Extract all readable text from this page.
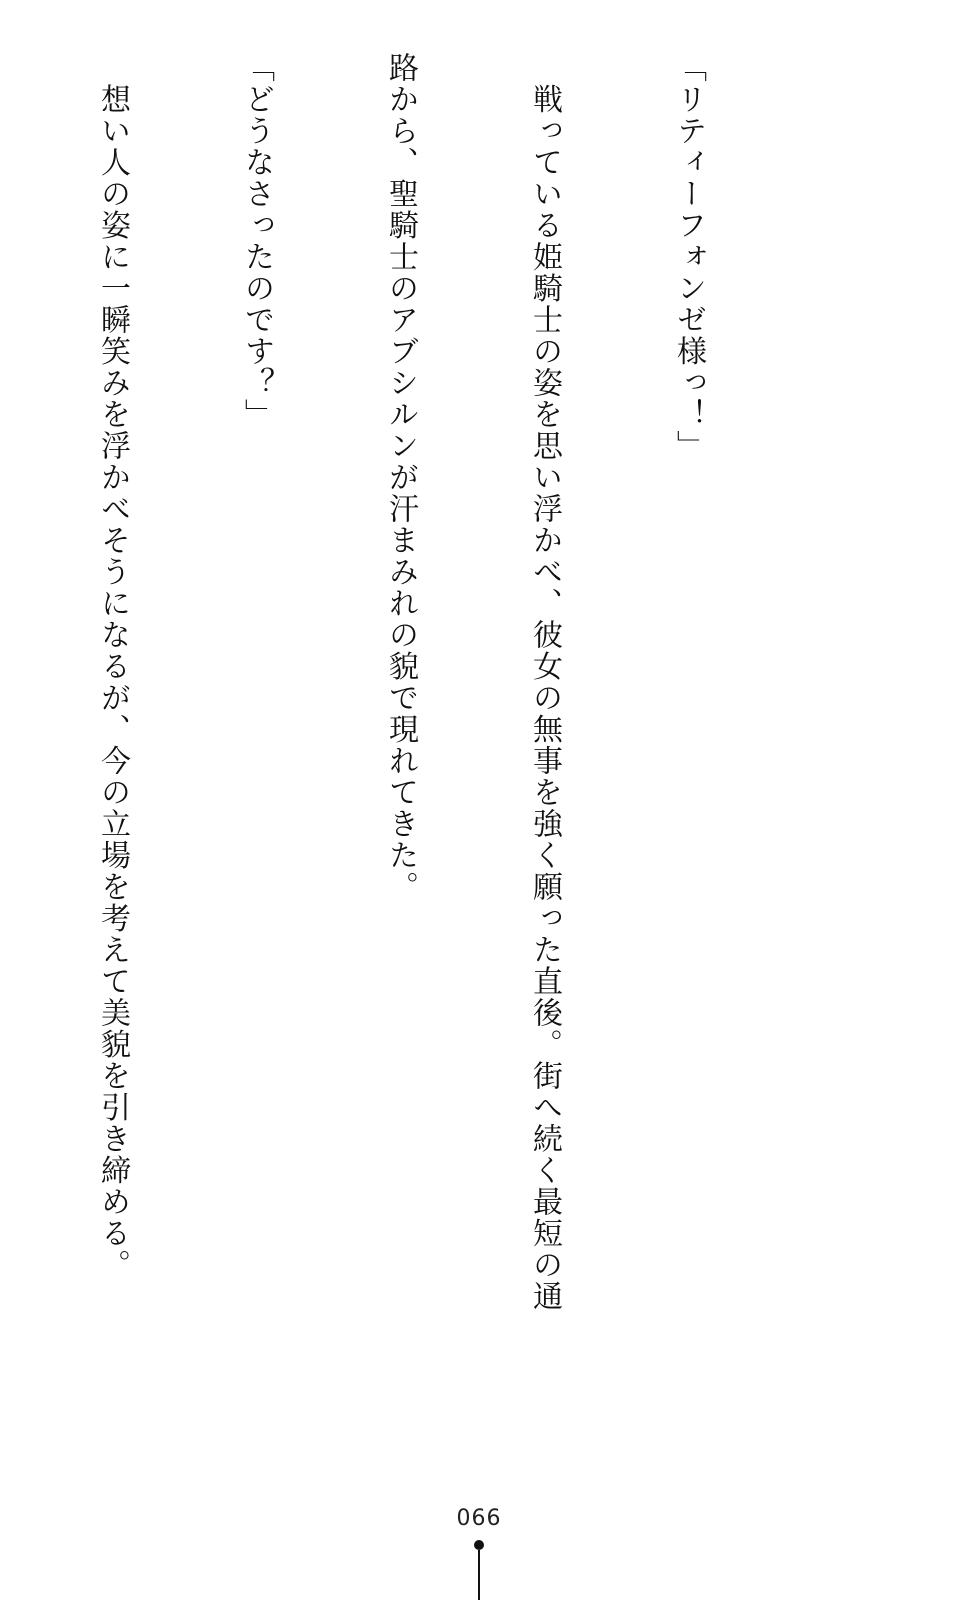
「リティーフォンゼ様っ！」

　戦っている姫騎士の姿を思い浮かべ、彼女の無事を強く願った直後。街へ続く最短の通

路から、聖騎士のアブシルンが汗まみれの貌で現れてきた。

「どうなさったのです？」

　想い人の姿に一瞬笑みを浮かべそうになるが、今の立場を考えて美貌を引き締める。

066
